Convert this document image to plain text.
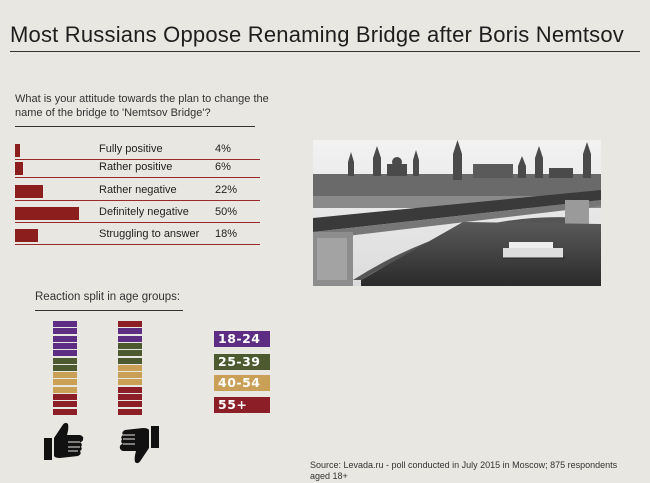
Most Russians Oppose Renaming Bridge after Boris Nemtsov
What is your attitude towards the plan to change the name of the bridge to 'Nemtsov Bridge'?
Fully positive	4%
Rather positive	6%
Rather negative	22%
Definitely negative 50%
Struggling to answer 18%
Reaction split in age groups:
18-24
25-39
40-54
55+
Source: Levada.ru - poll conducted in July 2015 in Moscow; 875 respondents aged 18+
